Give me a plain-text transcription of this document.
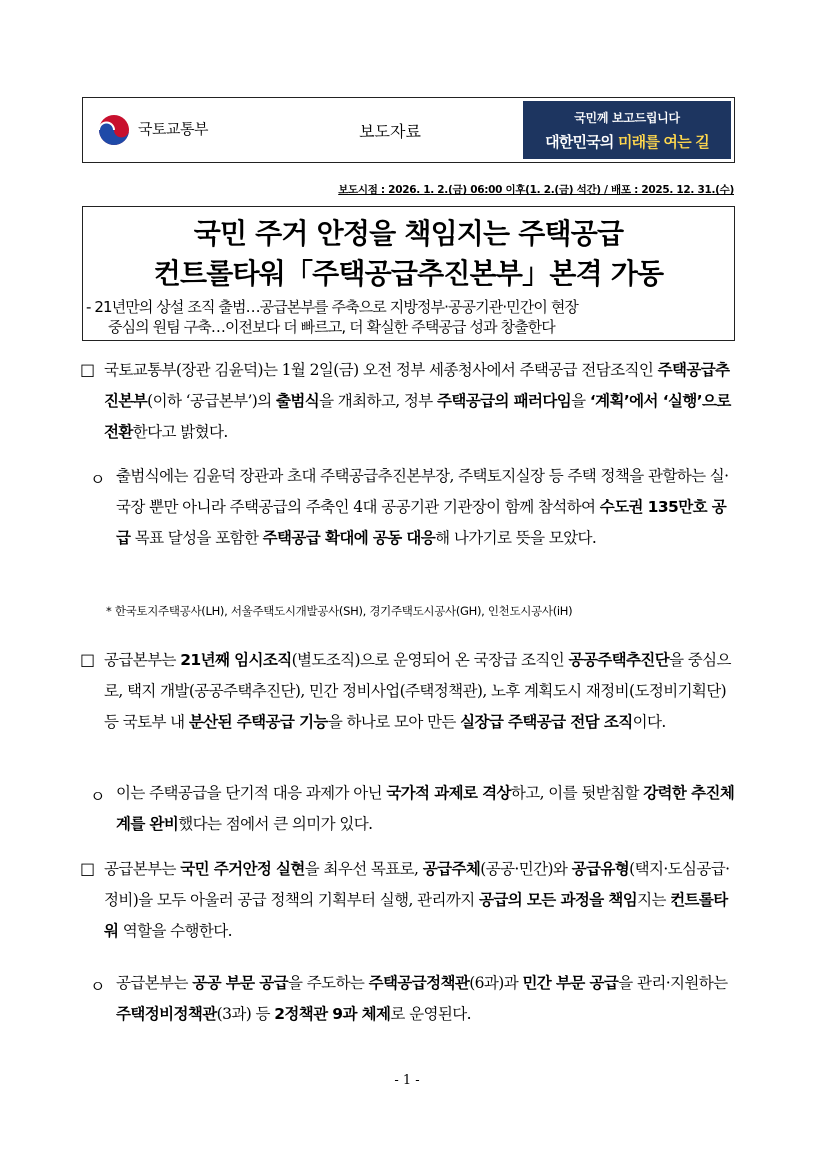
국토교통부	보도자료
국민께 보고드립니다
대한민국의 미래를 여는 길
보도시점 : 2026. 1. 2.(금) 06:00 이후(1. 2.(금) 석간) / 배포 : 2025. 12. 31.(수)
국민 주거 안정을 책임지는 주택공급
컨트롤타워「주택공급추진본부」본격 가동
- 21년만의 상설 조직 출범…공급본부를 주축으로 지방정부·공공기관·민간이 현장
중심의 원팀 구축…이전보다 더 빠르고, 더 확실한 주택공급 성과 창출한다
□ 국토교통부(장관 김윤덕)는 1월 2일(금) 오전 정부 세종청사에서 주택공급 전담조직인 주택공급추진본부(이하 ‘공급본부’)의 출범식을 개최하고, 정부 주택공급의 패러다임을 ‘계획’에서 ‘실행’으로 전환한다고 밝혔다.
ㅇ 출범식에는 김윤덕 장관과 초대 주택공급추진본부장, 주택토지실장 등 주택 정책을 관할하는 실·국장 뿐만 아니라 주택공급의 주축인 4대 공공기관 기관장이 함께 참석하여 수도권 135만호 공급 목표 달성을 포함한 주택공급 확대에 공동 대응해 나가기로 뜻을 모았다.
* 한국토지주택공사(LH), 서울주택도시개발공사(SH), 경기주택도시공사(GH), 인천도시공사(iH)
□ 공급본부는 21년째 임시조직(별도조직)으로 운영되어 온 국장급 조직인 공공주택추진단을 중심으로, 택지 개발(공공주택추진단), 민간 정비사업(주택정책관), 노후 계획도시 재정비(도정비기획단) 등 국토부 내 분산된 주택공급 기능을 하나로 모아 만든 실장급 주택공급 전담 조직이다.
ㅇ 이는 주택공급을 단기적 대응 과제가 아닌 국가적 과제로 격상하고, 이를 뒷받침할 강력한 추진체계를 완비했다는 점에서 큰 의미가 있다.
□ 공급본부는 국민 주거안정 실현을 최우선 목표로, 공급주체(공공·민간)와 공급유형(택지·도심공급·정비)을 모두 아울러 공급 정책의 기획부터 실행, 관리까지 공급의 모든 과정을 책임지는 컨트롤타워 역할을 수행한다.
ㅇ 공급본부는 공공 부문 공급을 주도하는 주택공급정책관(6과)과 민간 부문 공급을 관리·지원하는 주택정비정책관(3과) 등 2정책관 9과 체제로 운영된다.
- 1 -
